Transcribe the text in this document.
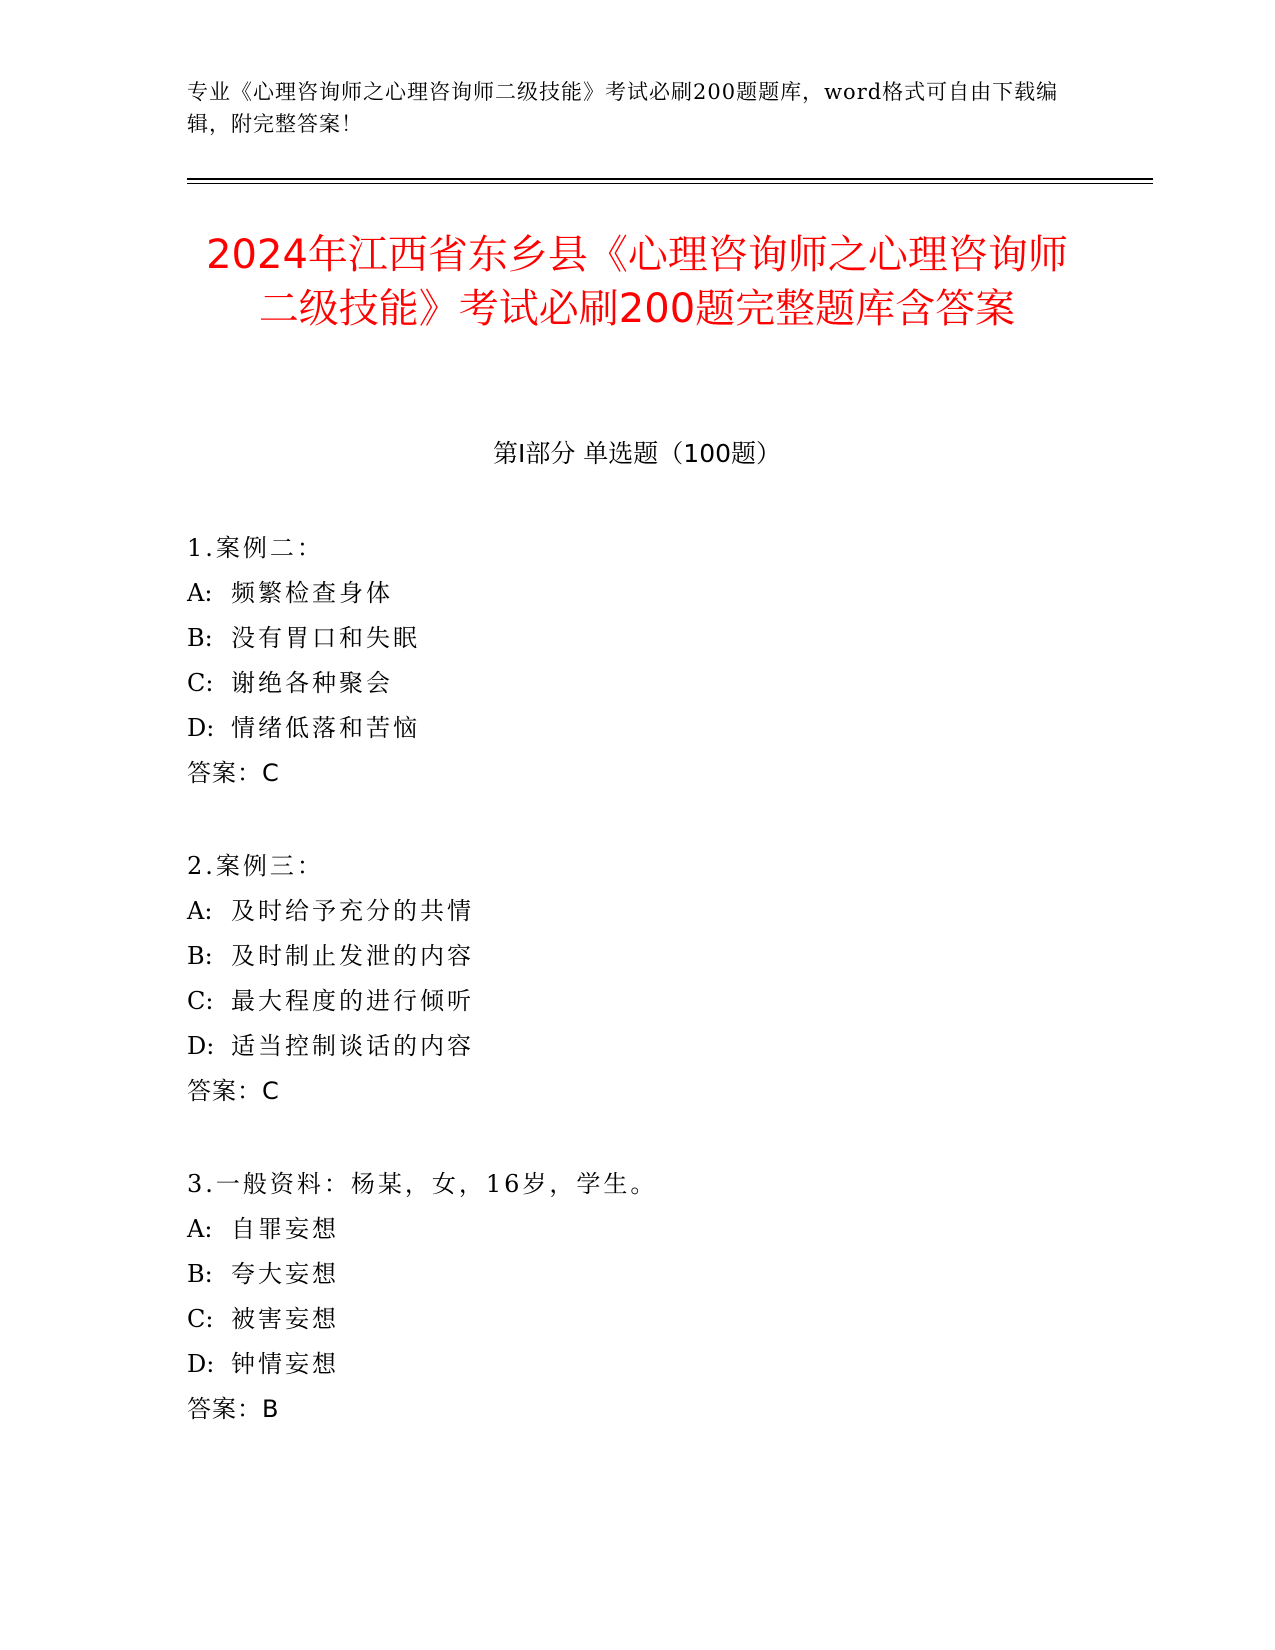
专业《心理咨询师之心理咨询师二级技能》考试必刷200题题库，word格式可自由下载编辑，附完整答案！
2024年江西省东乡县《心理咨询师之心理咨询师二级技能》考试必刷200题完整题库含答案
第I部分 单选题（100题）
1.案例二：
A: 频繁检查身体
B: 没有胃口和失眠
C: 谢绝各种聚会
D: 情绪低落和苦恼
答案：C
2.案例三：
A: 及时给予充分的共情
B: 及时制止发泄的内容
C: 最大程度的进行倾听
D: 适当控制谈话的内容
答案：C
3.一般资料：杨某，女，16岁，学生。
A: 自罪妄想
B: 夸大妄想
C: 被害妄想
D: 钟情妄想
答案：B
